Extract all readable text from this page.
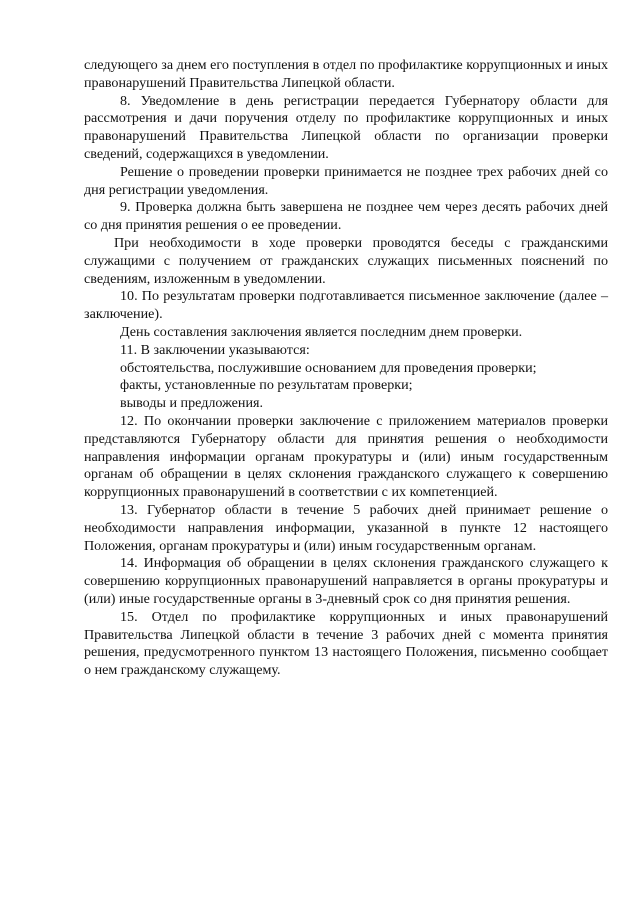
следующего за днем его поступления в отдел по профилактике коррупционных и иных правонарушений Правительства Липецкой области.

8. Уведомление в день регистрации передается Губернатору области для рассмотрения и дачи поручения отделу по профилактике коррупционных и иных правонарушений Правительства Липецкой области по организации проверки сведений, содержащихся в уведомлении.

Решение о проведении проверки принимается не позднее трех рабочих дней со дня регистрации уведомления.

9. Проверка должна быть завершена не позднее чем через десять рабочих дней со дня принятия решения о ее проведении.

При необходимости в ходе проверки проводятся беседы с гражданскими служащими с получением от гражданских служащих письменных пояснений по сведениям, изложенным в уведомлении.

10. По результатам проверки подготавливается письменное заключение (далее – заключение).

День составления заключения является последним днем проверки.

11. В заключении указываются:

обстоятельства, послужившие основанием для проведения проверки;

факты, установленные по результатам проверки;

выводы и предложения.

12. По окончании проверки заключение с приложением материалов проверки представляются Губернатору области для принятия решения о необходимости направления информации органам прокуратуры и (или) иным государственным органам об обращении в целях склонения гражданского служащего к совершению коррупционных правонарушений в соответствии с их компетенцией.

13. Губернатор области в течение 5 рабочих дней принимает решение о необходимости направления информации, указанной в пункте 12 настоящего Положения, органам прокуратуры и (или) иным государственным органам.

14. Информация об обращении в целях склонения гражданского служащего к совершению коррупционных правонарушений направляется в органы прокуратуры и (или) иные государственные органы в 3-дневный срок со дня принятия решения.

15. Отдел по профилактике коррупционных и иных правонарушений Правительства Липецкой области в течение 3 рабочих дней с момента принятия решения, предусмотренного пунктом 13 настоящего Положения, письменно сообщает о нем гражданскому служащему.
